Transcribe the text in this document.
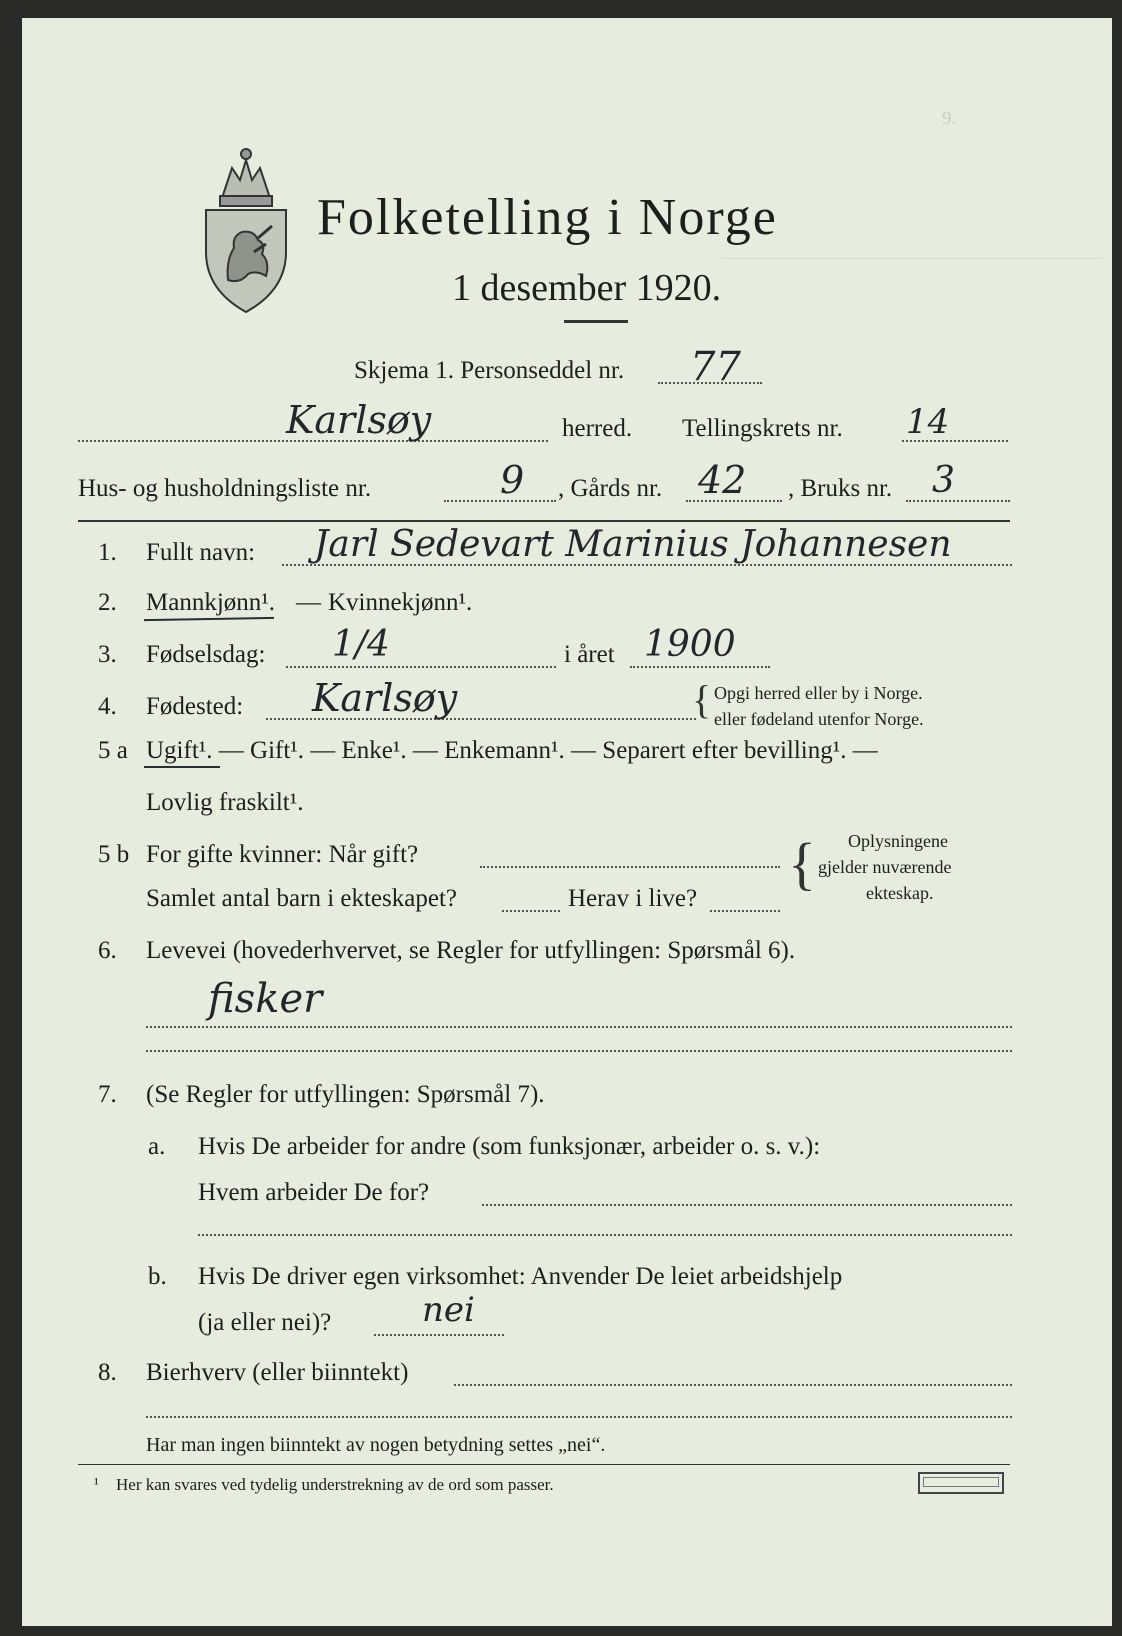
9.
Folketelling i Norge
1 desember 1920.
Skjema 1. Personseddel nr. 77
Karlsøy	herred. Tellingskrets nr. 14
Hus- og husholdningsliste nr.	9 , Gårds nr. 42 , Bruks nr. 3
1. Fullt navn: Jarl Sedevart Marinius Johannesen
2. Mannkjønn¹. — Kvinnekjønn¹.
3. Fødselsdag: 1/4	i året 1900
4. Fødested: Karlsøy	{ Opgi herred eller by i Norge.
eller fødeland utenfor Norge.
5 a Ugift¹. — Gift¹. — Enke¹. — Enkemann¹. — Separert efter bevilling¹. —
Lovlig fraskilt¹.
5 b For gifte kvinner: Når gift?
Samlet antal barn i ekteskapet?	Herav i live?
{ Oplysningene
gjelder nuværende
ekteskap.
6. Levevei (hovederhvervet, se Regler for utfyllingen: Spørsmål 6).
fisker
7. (Se Regler for utfyllingen: Spørsmål 7).
a. Hvis De arbeider for andre (som funksjonær, arbeider o. s. v.):
Hvem arbeider De for?
b. Hvis De driver egen virksomhet: Anvender De leiet arbeidshjelp
(ja eller nei)?	nei
8. Bierhverv (eller biinntekt)
Har man ingen biinntekt av nogen betydning settes „nei“.
¹ Her kan svares ved tydelig understrekning av de ord som passer.
